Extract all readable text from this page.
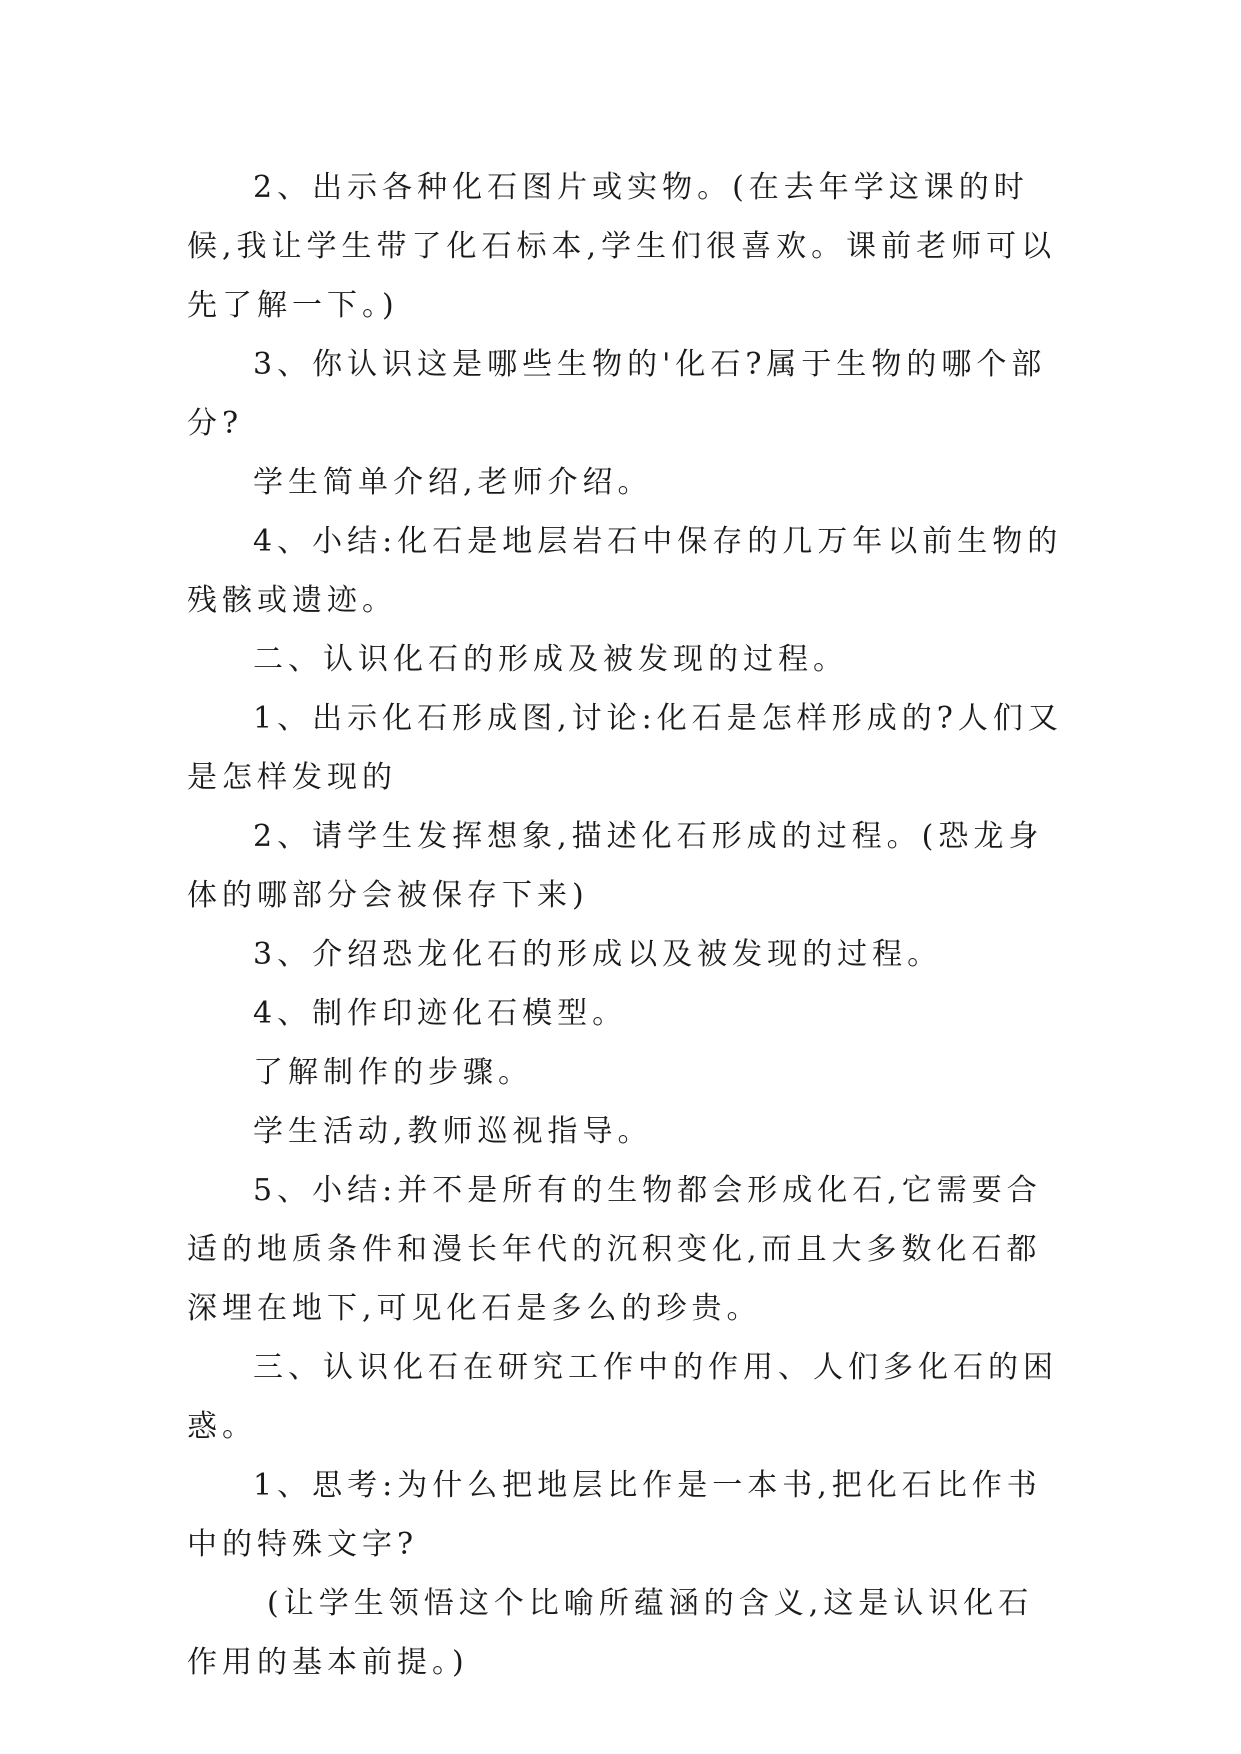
2、出示各种化石图片或实物。(在去年学这课的时候,我让学生带了化石标本,学生们很喜欢。课前老师可以先了解一下。)

3、你认识这是哪些生物的'化石?属于生物的哪个部分?

学生简单介绍,老师介绍。

4、小结:化石是地层岩石中保存的几万年以前生物的残骸或遗迹。

二、认识化石的形成及被发现的过程。

1、出示化石形成图,讨论:化石是怎样形成的?人们又是怎样发现的

2、请学生发挥想象,描述化石形成的过程。(恐龙身体的哪部分会被保存下来)

3、介绍恐龙化石的形成以及被发现的过程。

4、制作印迹化石模型。

了解制作的步骤。

学生活动,教师巡视指导。

5、小结:并不是所有的生物都会形成化石,它需要合适的地质条件和漫长年代的沉积变化,而且大多数化石都深埋在地下,可见化石是多么的珍贵。

三、认识化石在研究工作中的作用、人们多化石的困惑。

1、思考:为什么把地层比作是一本书,把化石比作书中的特殊文字?

(让学生领悟这个比喻所蕴涵的含义,这是认识化石作用的基本前提。)
